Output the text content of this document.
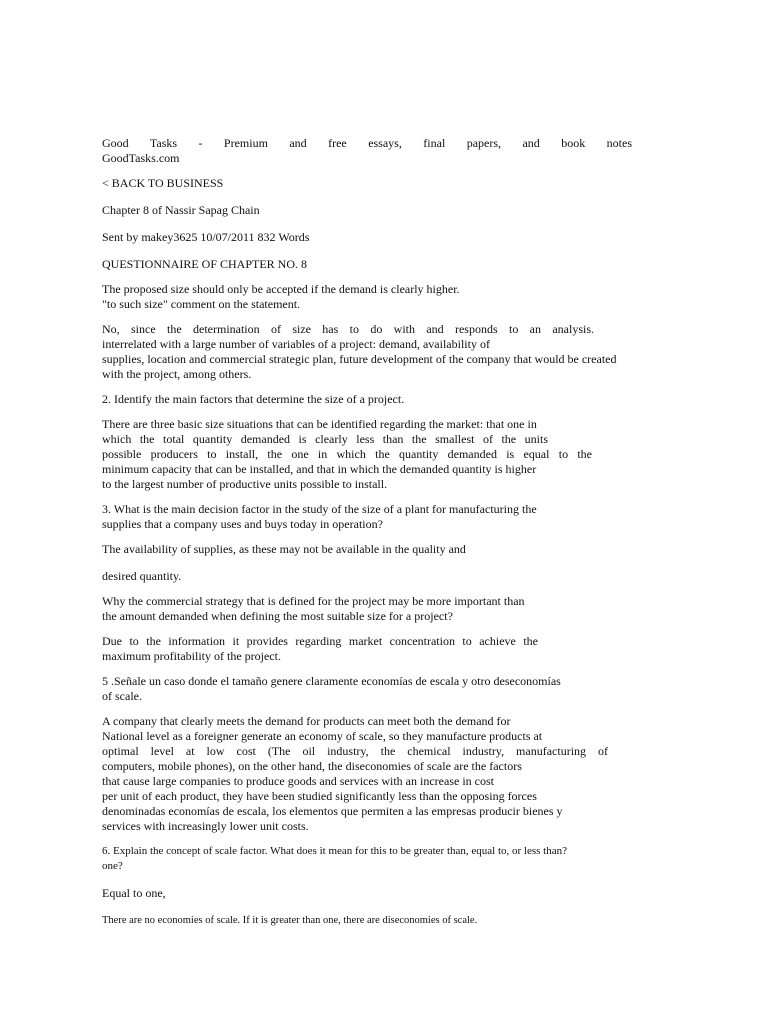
Good Tasks - Premium and free essays, final papers, and book notes
GoodTasks.com

< BACK TO BUSINESS

Chapter 8 of Nassir Sapag Chain

Sent by makey3625 10/07/2011 832 Words

QUESTIONNAIRE OF CHAPTER NO. 8

The proposed size should only be accepted if the demand is clearly higher.
"to such size" comment on the statement.

No, since the determination of size has to do with and responds to an analysis.
interrelated with a large number of variables of a project: demand, availability of
supplies, location and commercial strategic plan, future development of the company that would be created
with the project, among others.

2. Identify the main factors that determine the size of a project.

There are three basic size situations that can be identified regarding the market: that one in
which the total quantity demanded is clearly less than the smallest of the units
possible producers to install, the one in which the quantity demanded is equal to the
minimum capacity that can be installed, and that in which the demanded quantity is higher
to the largest number of productive units possible to install.

3. What is the main decision factor in the study of the size of a plant for manufacturing the
supplies that a company uses and buys today in operation?

The availability of supplies, as these may not be available in the quality and

desired quantity.

Why the commercial strategy that is defined for the project may be more important than
the amount demanded when defining the most suitable size for a project?

Due to the information it provides regarding market concentration to achieve the
maximum profitability of the project.

5 .Señale un caso donde el tamaño genere claramente economías de escala y otro deseconomías
of scale.

A company that clearly meets the demand for products can meet both the demand for
National level as a foreigner generate an economy of scale, so they manufacture products at
optimal level at low cost (The oil industry, the chemical industry, manufacturing of
computers, mobile phones), on the other hand, the diseconomies of scale are the factors
that cause large companies to produce goods and services with an increase in cost
per unit of each product, they have been studied significantly less than the opposing forces
denominadas economías de escala, los elementos que permiten a las empresas producir bienes y
services with increasingly lower unit costs.

6. Explain the concept of scale factor. What does it mean for this to be greater than, equal to, or less than?
one?

Equal to one,

There are no economies of scale. If it is greater than one, there are diseconomies of scale.
